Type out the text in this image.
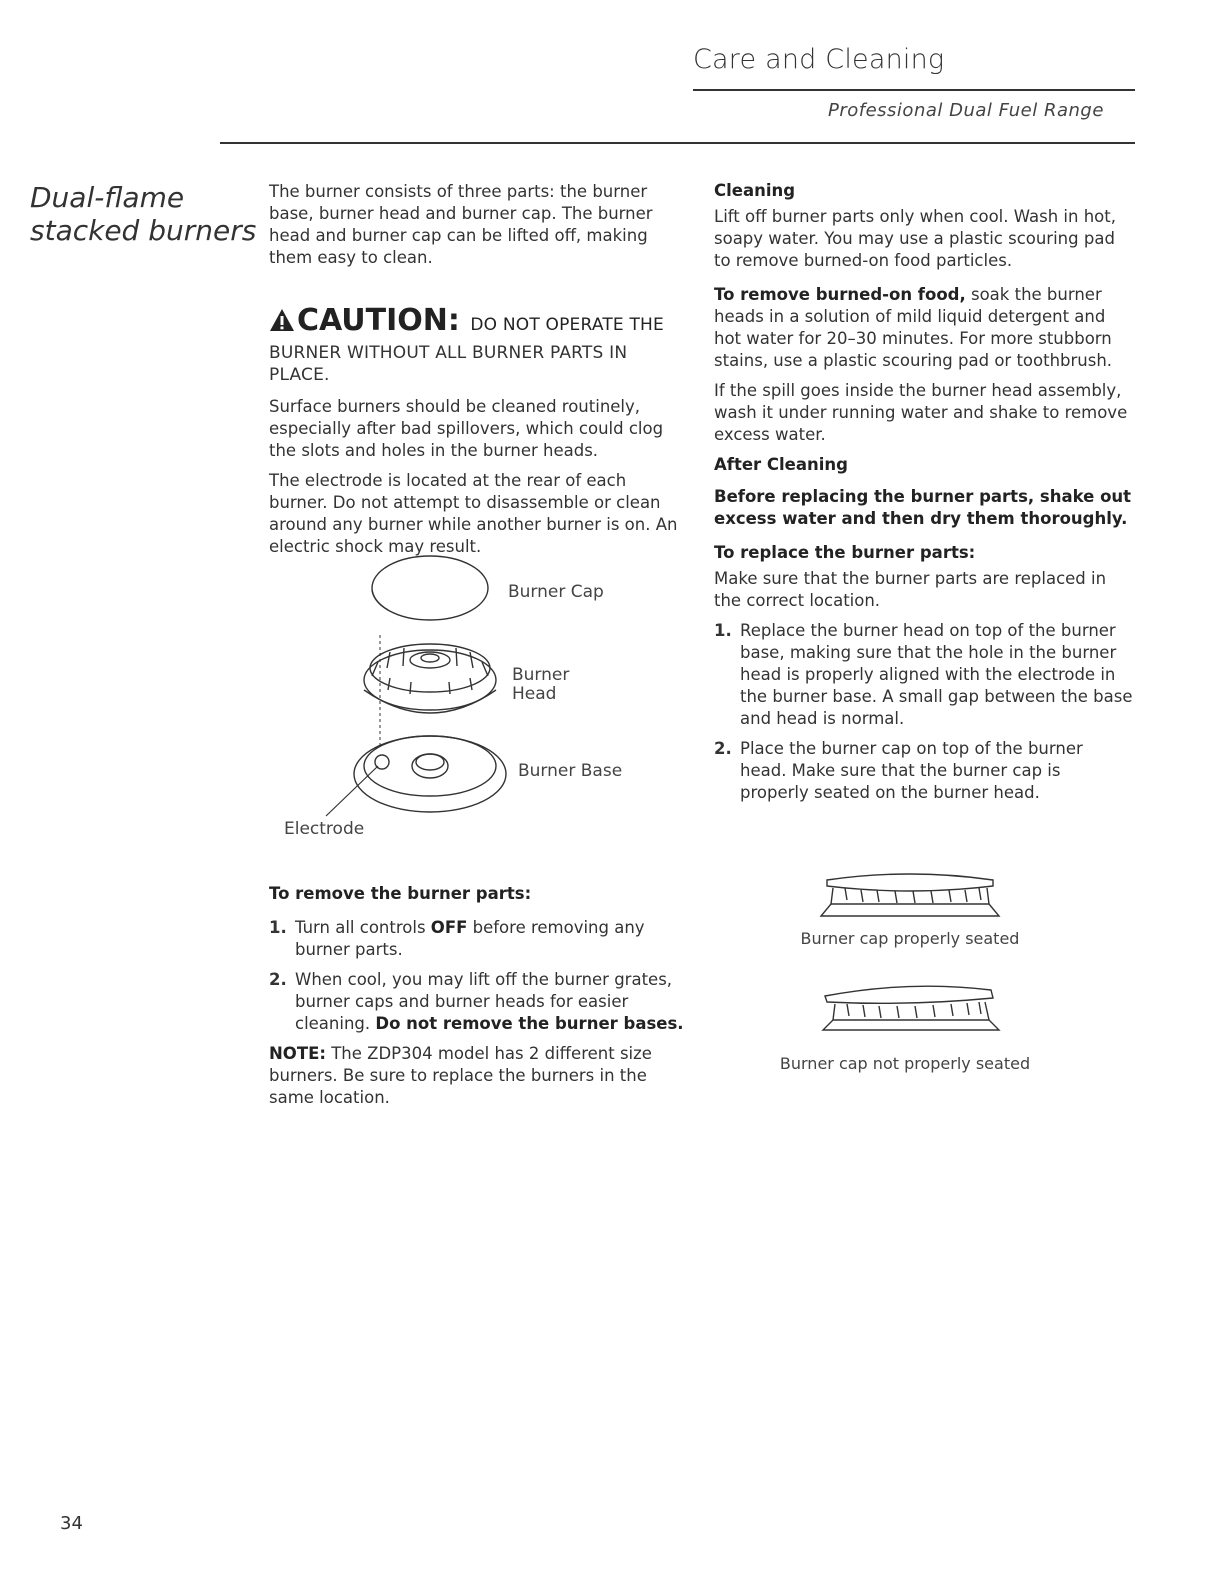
Care and Cleaning
Professional Dual Fuel Range
Dual-flame
stacked burners

The burner consists of three parts: the burner base, burner head and burner cap. The burner head and burner cap can be lifted off, making them easy to clean.

CAUTION: DO NOT OPERATE THE
BURNER WITHOUT ALL BURNER PARTS IN PLACE.

Surface burners should be cleaned routinely, especially after bad spillovers, which could clog the slots and holes in the burner heads.

The electrode is located at the rear of each burner. Do not attempt to disassemble or clean around any burner while another burner is on. An electric shock may result.

Burner Cap
Burner
Head
Burner Base
Electrode
To remove the burner parts:
1. Turn all controls OFF before removing any burner parts.
2. When cool, you may lift off the burner grates, burner caps and burner heads for easier cleaning. Do not remove the burner bases.

NOTE: The ZDP304 model has 2 different size burners. Be sure to replace the burners in the same location.

Cleaning

Lift off burner parts only when cool. Wash in hot, soapy water. You may use a plastic scouring pad to remove burned-on food particles.

To remove burned-on food, soak the burner heads in a solution of mild liquid detergent and hot water for 20–30 minutes. For more stubborn stains, use a plastic scouring pad or toothbrush.

If the spill goes inside the burner head assembly, wash it under running water and shake to remove excess water.

After Cleaning

Before replacing the burner parts, shake out excess water and then dry them thoroughly.

To replace the burner parts:

Make sure that the burner parts are replaced in the correct location.

1. Replace the burner head on top of the burner base, making sure that the hole in the burner head is properly aligned with the electrode in the burner base. A small gap between the base and head is normal.
2. Place the burner cap on top of the burner head. Make sure that the burner cap is properly seated on the burner head.
Burner cap properly seated
Burner cap not properly seated
34
